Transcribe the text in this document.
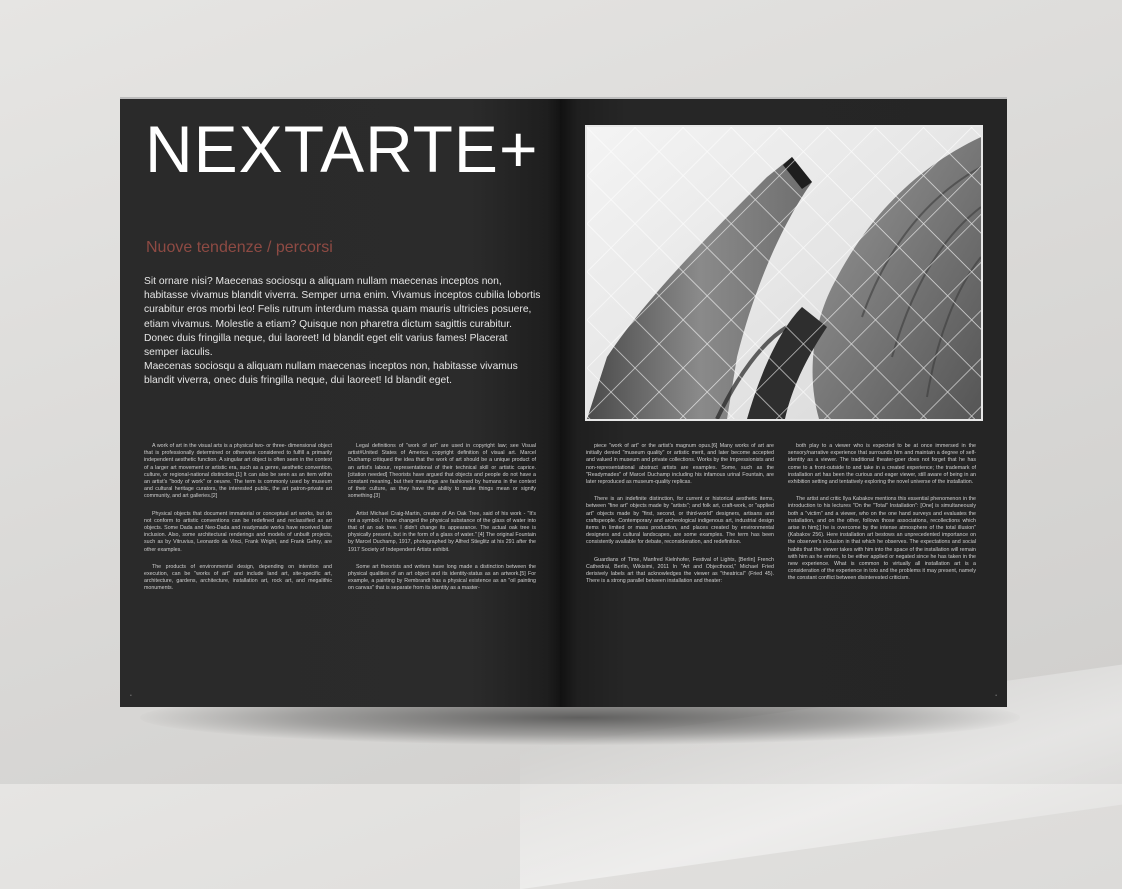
NEXTARTE+
Nuove tendenze / percorsi

Sit ornare nisi? Maecenas sociosqu a aliquam nullam maecenas inceptos non, habitasse vivamus blandit viverra. Semper urna enim. Vivamus inceptos cubilia lobortis curabitur eros morbi leo! Felis rutrum interdum massa quam mauris ultricies posuere, etiam vivamus. Molestie a etiam? Quisque non pharetra dictum sagittis curabitur. Donec duis fringilla neque, dui laoreet! Id blandit eget elit varius fames! Placerat semper iaculis.

Maecenas sociosqu a aliquam nullam maecenas inceptos non, habitasse vivamus blandit viverra, onec duis fringilla neque, dui laoreet! Id blandit eget.

A work of art in the visual arts is a physical two- or three- dimensional object that is professionally determined or otherwise considered to fulfill a primarily independent aesthetic function. A singular art object is often seen in the context of a larger art movement or artistic era, such as a genre, aesthetic convention, culture, or regional-national distinction.[1] It can also be seen as an item within an artist's "body of work" or oeuvre. The term is commonly used by museum and cultural heritage curators, the interested public, the art patron-private art community, and art galleries.[2]

Physical objects that document immaterial or conceptual art works, but do not conform to artistic conventions can be redefined and reclassified as art objects. Some Dada and Neo-Dada and readymade works have received later inclusion. Also, some architectural renderings and models of unbuilt projects, such as by Vitruvius, Leonardo da Vinci, Frank Wright, and Frank Gehry, are other examples.

The products of environmental design, depending on intention and execution, can be "works of art" and include land art, site-specific art, architecture, gardens, architecture, installation art, rock art, and megalithic monuments.

Legal definitions of "work of art" are used in copyright law; see Visual artist#United States of America copyright definition of visual art. Marcel Duchamp critiqued the idea that the work of art should be a unique product of an artist's labour, representational of their technical skill or artistic caprice.[citation needed] Theorists have argued that objects and people do not have a constant meaning, but their meanings are fashioned by humans in the context of their culture, as they have the ability to make things mean or signify something.[3]

Artist Michael Craig-Martin, creator of An Oak Tree, said of his work - "It's not a symbol. I have changed the physical substance of the glass of water into that of an oak tree. I didn't change its appearance. The actual oak tree is physically present, but in the form of a glass of water." [4] The original Fountain by Marcel Duchamp, 1917, photographed by Alfred Stieglitz at his 291 after the 1917 Society of Independent Artists exhibit.

Some art theorists and writers have long made a distinction between the physical qualities of an art object and its identity-status as an artwork.[5] For example, a painting by Rembrandt has a physical existence as an "oil painting on canvas" that is separate from its identity as a master-

•

piece "work of art" or the artist's magnum opus.[6] Many works of art are initially denied "museum quality" or artistic merit, and later become accepted and valued in museum and private collections. Works by the Impressionists and non-representational abstract artists are examples. Some, such as the "Readymades" of Marcel Duchamp including his infamous urinal Fountain, are later reproduced as museum-quality replicas.

There is an indefinite distinction, for current or historical aesthetic items, between "fine art" objects made by "artists"; and folk art, craft-work, or "applied art" objects made by "first, second, or third-world" designers, artisans and craftspeople. Contemporary and archeological indigenous art, industrial design items in limited or mass production, and places created by environmental designers and cultural landscapes, are some examples. The term has been consistently available for debate, reconsideration, and redefinition.

Guardians of Time, Manfred Kielnhofer, Festival of Lights, [Berlin] French Cathedral, Berlin, Wikisimi, 2011 In "Art and Objecthood," Michael Fried derisively labels art that acknowledges the viewer as "theatrical" (Fried 45). There is a strong parallel between installation and theater:

both play to a viewer who is expected to be at once immersed in the sensory/narrative experience that surrounds him and maintain a degree of self-identity as a viewer. The traditional theater-goer does not forget that he has come to a front-outside to and take in a created experience; the trademark of installation art has been the curious and eager viewer, still aware of being in an exhibition setting and tentatively exploring the novel universe of the installation.

The artist and critic Ilya Kabakov mentions this essential phenomenon in the introduction to his lectures "On the "Total" Installation": [One] is simultaneously both a "victim" and a viewer, who on the one hand surveys and evaluates the installation, and on the other, follows those associations, recollections which arise in him[;] he is overcome by the intense atmosphere of the total illusion" (Kabakov 256). Here installation art bestows an unprecedented importance on the observer's inclusion in that which he observes. The expectations and social habits that the viewer takes with him into the space of the installation will remain with him as he enters, to be either applied or negated since he has taken in the new experience. What is common to virtually all installation art is a consideration of the experience in toto and the problems it may present, namely the constant conflict between disinterested criticism.

•
